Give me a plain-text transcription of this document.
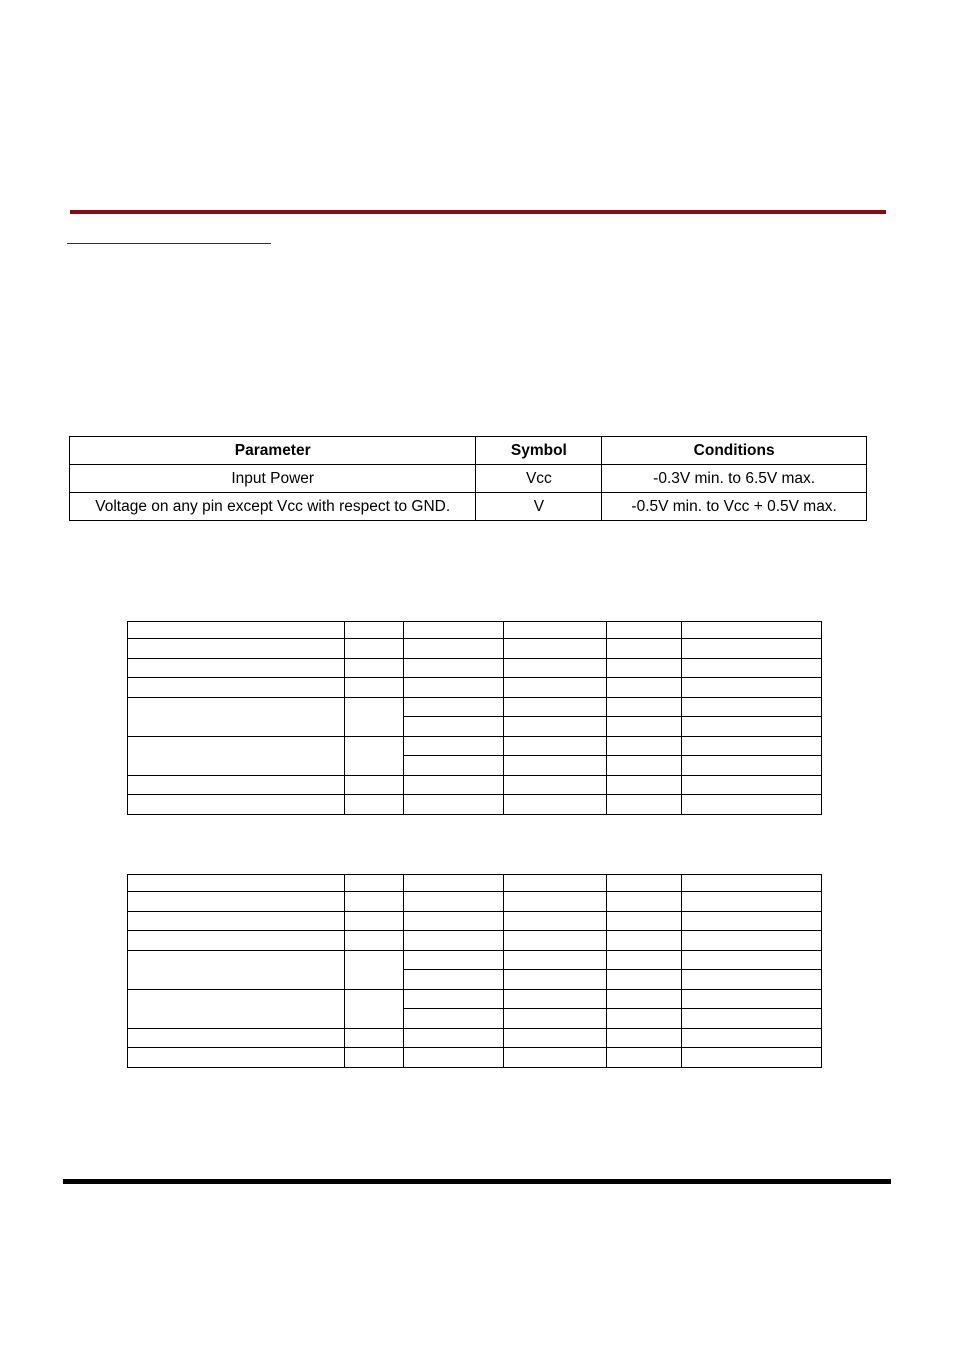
Parameter	Symbol	Conditions
Input Power	Vcc	-0.3V min. to 6.5V max.
Voltage on any pin except Vcc with respect to GND.	V	-0.5V min. to Vcc + 0.5V max.
